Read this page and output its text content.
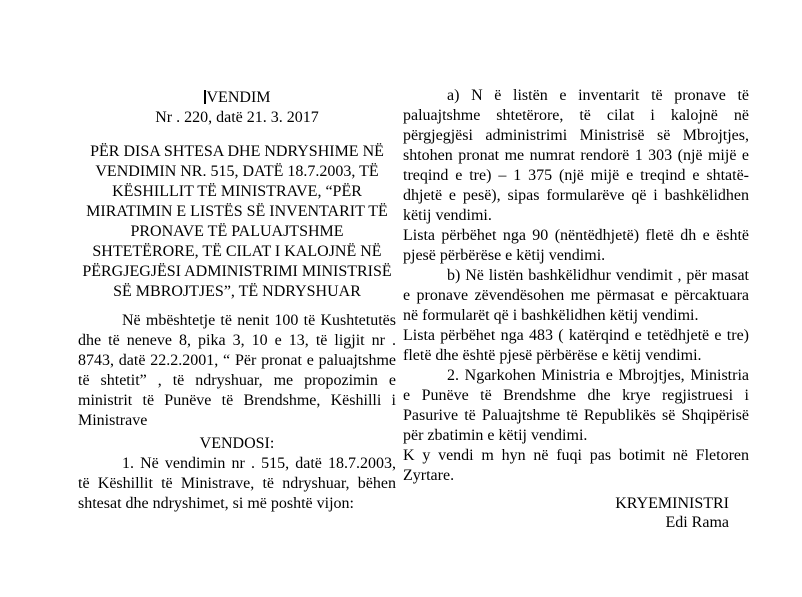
VENDIM
Nr . 220, datë 21. 3. 2017
PËR DISA SHTESA DHE NDRYSHIME NË VENDIMIN NR. 515, DATË 18.7.2003, TË KËSHILLIT TË MINISTRAVE, “PËR MIRATIMIN E LISTËS SË INVENTARIT TË PRONAVE TË PALUAJTSHME SHTETËRORE, TË CILAT I KALOJNË NË PËRGJEGJËSI ADMINISTRIMI MINISTRISË SË MBROJTJES”, TË NDRYSHUAR

Në mbështetje të nenit 100 të Kushtetutës dhe të neneve 8, pika 3, 10 e 13, të ligjit nr . 8743, datë 22.2.2001, “ Për pronat e paluajtshme të shtetit” , të ndryshuar, me propozimin e ministrit të Punëve të Brendshme, Këshilli i Ministrave

VENDOSI:

1. Në vendimin nr . 515, datë 18.7.2003, të Këshillit të Ministrave, të ndryshuar, bëhen shtesat dhe ndryshimet, si më poshtë vijon:

a) N ë listën e inventarit të pronave të paluajtshme shtetërore, të cilat i kalojnë në përgjegjësi administrimi Ministrisë së Mbrojtjes, shtohen pronat me numrat rendorë 1 303 (një mijë e treqind e tre) – 1 375 (një mijë e treqind e shtatë-dhjetë e pesë), sipas formularëve që i bashkëlidhen këtij vendimi.

Lista përbëhet nga 90 (nëntëdhjetë) fletë dh e është pjesë përbërëse e këtij vendimi.

b) Në listën bashkëlidhur vendimit , për masat e pronave zëvendësohen me përmasat e përcaktuara në formularët që i bashkëlidhen këtij vendimi.

Lista përbëhet nga 483 ( katërqind e tetëdhjetë e tre) fletë dhe është pjesë përbërëse e këtij vendimi.

2. Ngarkohen Ministria e Mbrojtjes, Ministria e Punëve të Brendshme dhe krye regjistruesi i Pasurive të Paluajtshme të Republikës së Shqipërisë për zbatimin e këtij vendimi.

K y vendi m hyn në fuqi pas botimit në Fletoren Zyrtare.

KRYEMINISTRI
Edi Rama
